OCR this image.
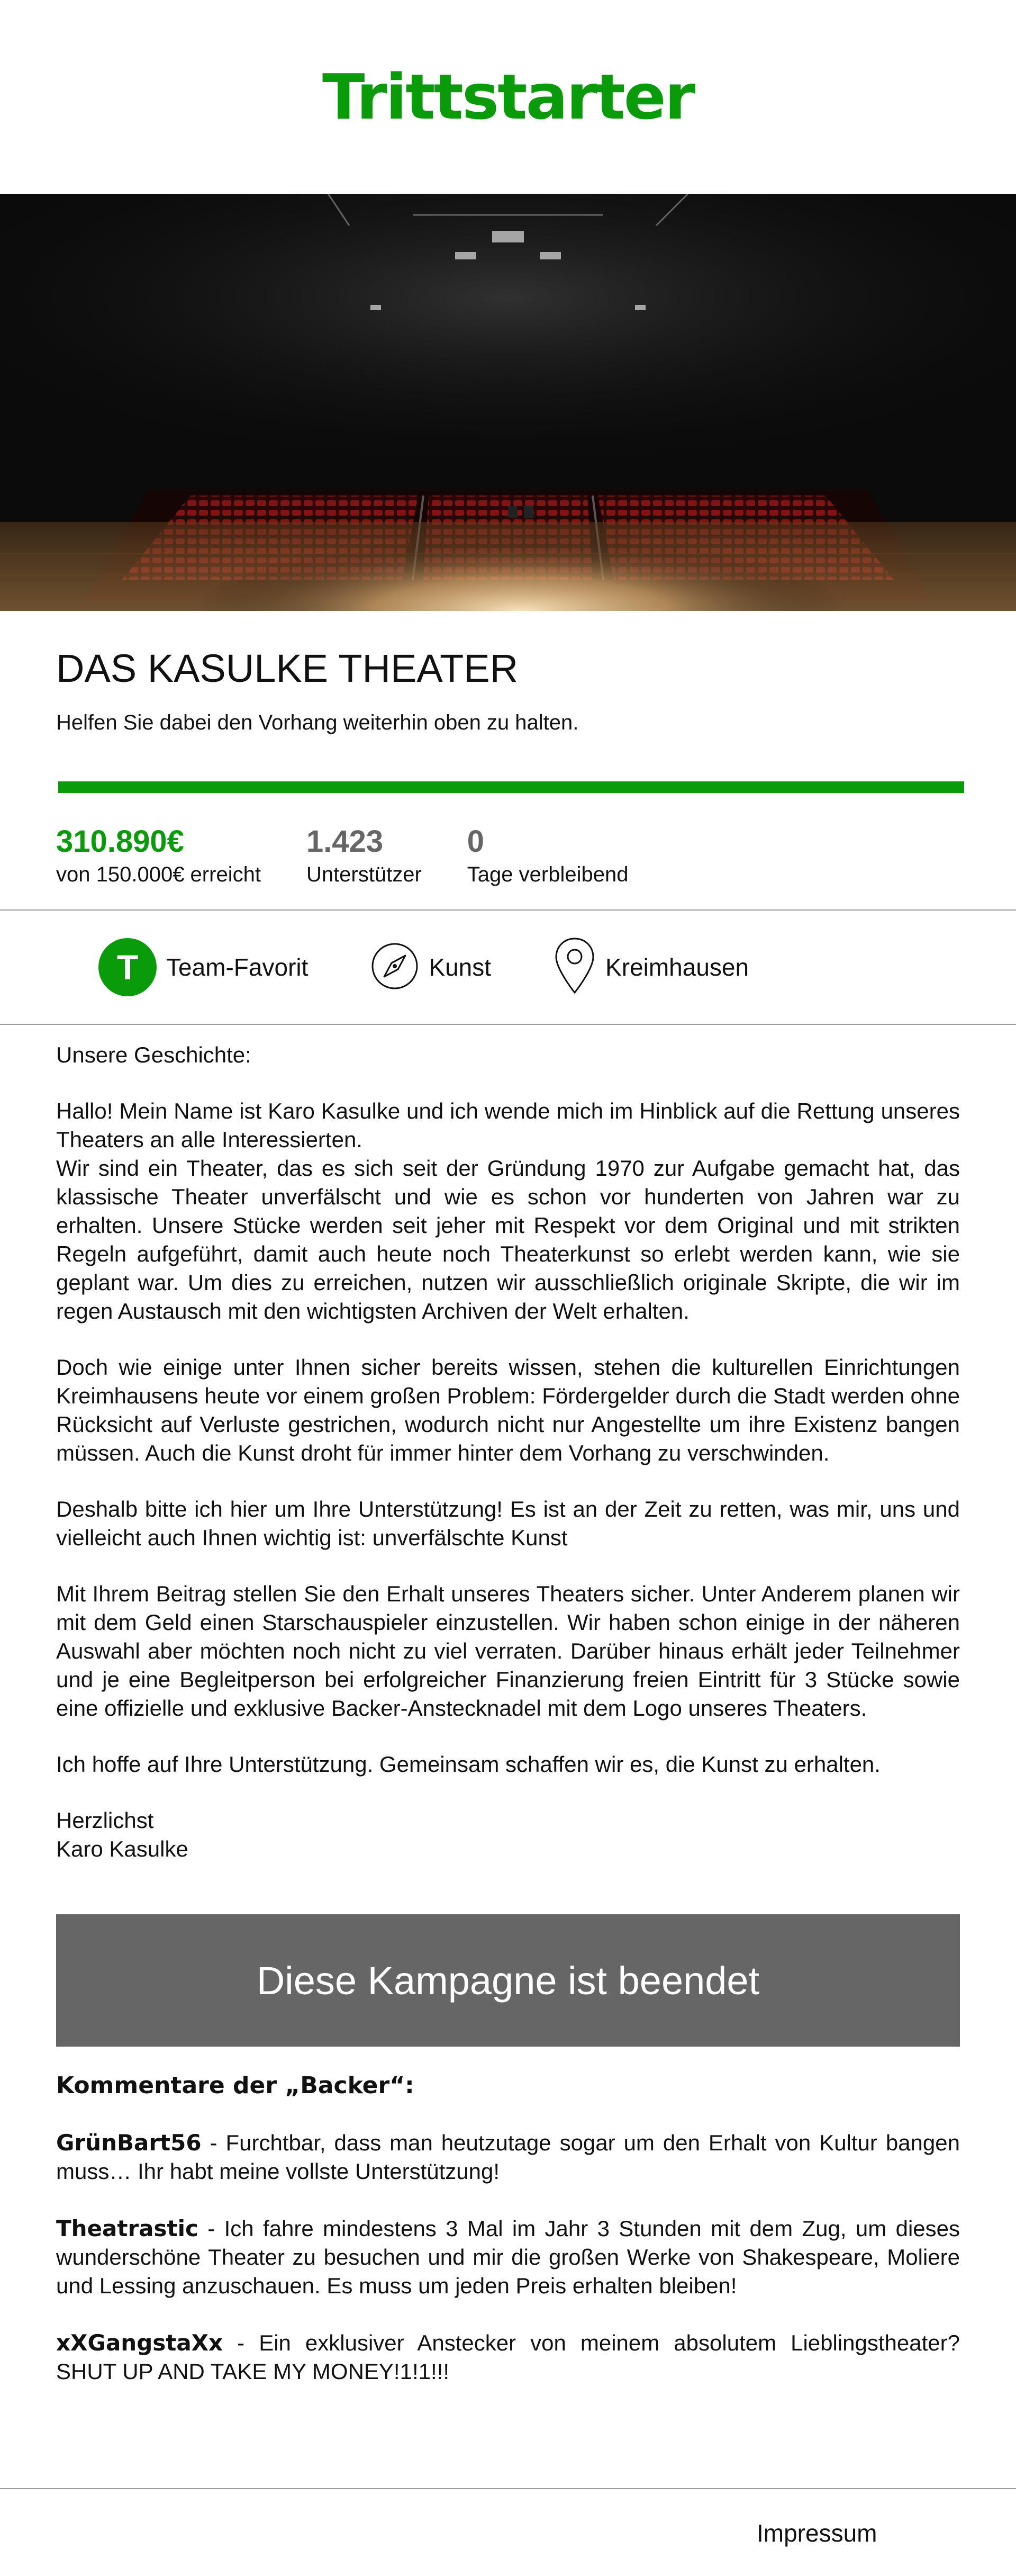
Trittstarter
DAS KASULKE THEATER
Helfen Sie dabei den Vorhang weiterhin oben zu halten.
310.890€
von 150.000€ erreicht
1.423
Unterstützer
0
Tage verbleibend
T	Team-Favorit	Kunst	Kreimhausen

Unsere Geschichte:

Hallo! Mein Name ist Karo Kasulke und ich wende mich im Hinblick auf die Rettung unseres Theaters an alle Interessierten.
Wir sind ein Theater, das es sich seit der Gründung 1970 zur Aufgabe gemacht hat, das klassische Theater unverfälscht und wie es schon vor hunderten von Jahren war zu erhalten. Unsere Stücke werden seit jeher mit Respekt vor dem Original und mit strikten Regeln aufgeführt, damit auch heute noch Theaterkunst so erlebt werden kann, wie sie geplant war. Um dies zu erreichen, nutzen wir ausschließlich originale Skripte, die wir im regen Austausch mit den wichtigsten Archiven der Welt erhalten.

Doch wie einige unter Ihnen sicher bereits wissen, stehen die kulturellen Einrichtungen Kreimhausens heute vor einem großen Problem: Fördergelder durch die Stadt werden ohne Rücksicht auf Verluste gestrichen, wodurch nicht nur Angestellte um ihre Existenz bangen müssen. Auch die Kunst droht für immer hinter dem Vorhang zu verschwinden.

Deshalb bitte ich hier um Ihre Unterstützung! Es ist an der Zeit zu retten, was mir, uns und vielleicht auch Ihnen wichtig ist: unverfälschte Kunst

Mit Ihrem Beitrag stellen Sie den Erhalt unseres Theaters sicher. Unter Anderem planen wir mit dem Geld einen Starschauspieler einzustellen. Wir haben schon einige in der näheren Auswahl aber möchten noch nicht zu viel verraten. Darüber hinaus erhält jeder Teilnehmer und je eine Begleitperson bei erfolgreicher Finanzierung freien Eintritt für 3 Stücke sowie eine offizielle und exklusive Backer-Anstecknadel mit dem Logo unseres Theaters.

Ich hoffe auf Ihre Unterstützung. Gemeinsam schaffen wir es, die Kunst zu erhalten.

Herzlichst

Karo Kasulke

Diese Kampagne ist beendet

Kommentare der „Backer“:

GrünBart56 - Furchtbar, dass man heutzutage sogar um den Erhalt von Kultur bangen muss… Ihr habt meine vollste Unterstützung!

Theatrastic - Ich fahre mindestens 3 Mal im Jahr 3 Stunden mit dem Zug, um dieses wunderschöne Theater zu besuchen und mir die großen Werke von Shakespeare, Moliere und Lessing anzuschauen. Es muss um jeden Preis erhalten bleiben!

xXGangstaXx - Ein exklusiver Anstecker von meinem absolutem Lieblingstheater? SHUT UP AND TAKE MY MONEY!1!1!!!

Impressum
